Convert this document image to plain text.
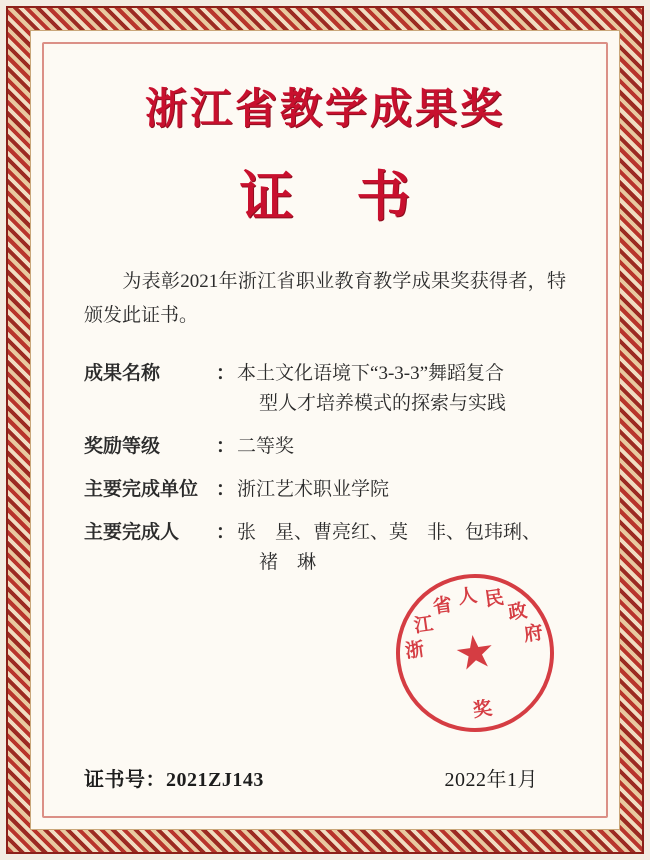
浙江省教学成果奖
证 书
为表彰2021年浙江省职业教育教学成果奖获得者，特颁发此证书。
成果名称	： 本土文化语境下“3-3-3”舞蹈复合
型人才培养模式的探索与实践
奖励等级	： 二等奖
主要完成单位 ： 浙江艺术职业学院
主要完成人	： 张　星、曹亮红、莫　非、包玮琍、
褚　琳
★
浙
江
省 人 民
政
府
奖
证书号：2021ZJ143	2022年1月
